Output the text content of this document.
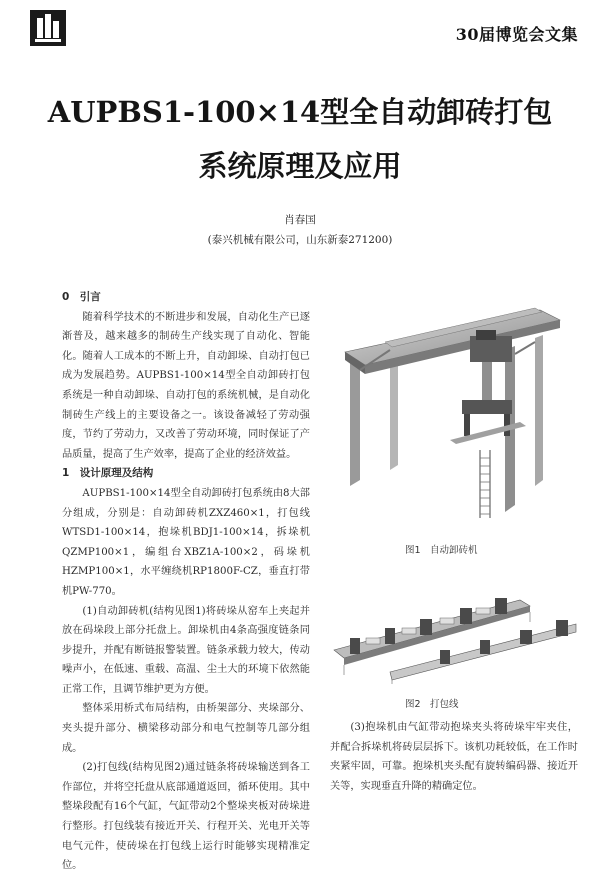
30届博览会文集
AUPBS1-100×14型全自动卸砖打包
系统原理及应用
肖春国
(泰兴机械有限公司，山东新泰271200)
0　引言

随着科学技术的不断进步和发展，自动化生产已逐渐普及，越来越多的制砖生产线实现了自动化、智能化。随着人工成本的不断上升，自动卸垛、自动打包已成为发展趋势。AUPBS1-100×14型全自动卸砖打包系统是一种自动卸垛、自动打包的系统机械，是自动化制砖生产线上的主要设备之一。该设备减轻了劳动强度，节约了劳动力，又改善了劳动环境，同时保证了产品质量，提高了生产效率，提高了企业的经济效益。

1　设计原理及结构

AUPBS1-100×14型全自动卸砖打包系统由8大部分组成，分别是：自动卸砖机ZXZ460×1，打包线WTSD1-100×14，抱垛机BDJ1-100×14，拆垛机QZMP100×1，编组台XBZ1A-100×2，码垛机HZMP100×1，水平缠绕机RP1800F-CZ，垂直打带机PW-770。

(1)自动卸砖机(结构见图1)将砖垛从窑车上夹起并放在码垛段上部分托盘上。卸垛机由4条高强度链条同步提升，并配有断链报警装置。链条承载力较大，传动噪声小，在低速、重载、高温、尘土大的环境下依然能正常工作，且调节维护更为方便。

整体采用桥式布局结构，由桥架部分、夹垛部分、夹头提升部分、横梁移动部分和电气控制等几部分组成。

(2)打包线(结构见图2)通过链条将砖垛输送到各工作部位，并将空托盘从底部通道返回，循环使用。其中整垛段配有16个气缸，气缸带动2个整垛夹板对砖垛进行整形。打包线装有接近开关、行程开关、光电开关等电气元件，使砖垛在打包线上运行时能够实现精准定位。

图1　自动卸砖机
图2　打包线

(3)抱垛机由气缸带动抱垛夹头将砖垛牢牢夹住，并配合拆垛机将砖层层拆下。该机功耗较低，在工作时夹紧牢固，可靠。抱垛机夹头配有旋转编码器、接近开关等，实现垂直升降的精确定位。
